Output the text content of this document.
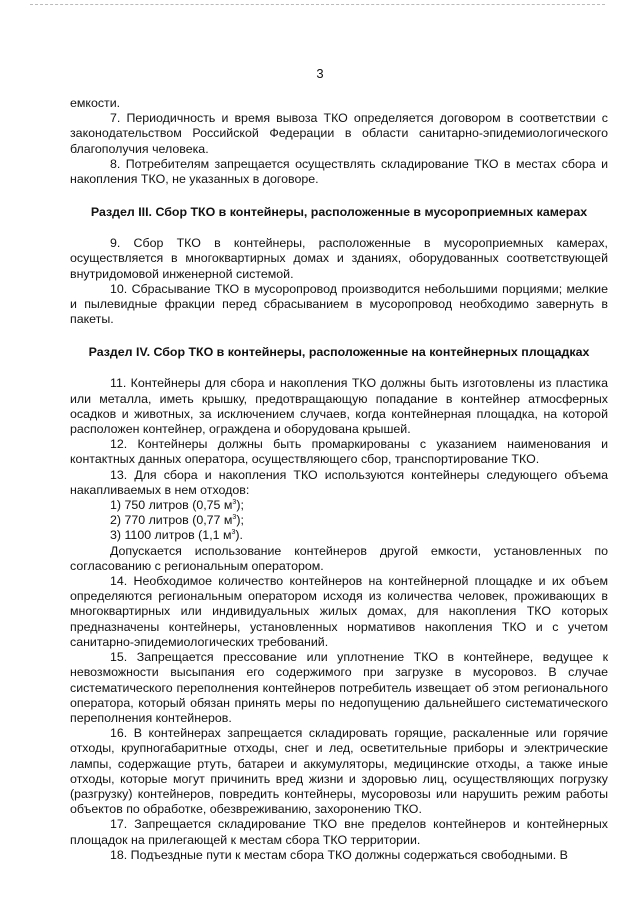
3

емкости.

7. Периодичность и время вывоза ТКО определяется договором в соответствии с законодательством Российской Федерации в области санитарно-эпидемиологического благополучия человека.

8. Потребителям запрещается осуществлять складирование ТКО в местах сбора и накопления ТКО, не указанных в договоре.

Раздел III. Сбор ТКО в контейнеры, расположенные в мусороприемных камерах

9. Сбор ТКО в контейнеры, расположенные в мусороприемных камерах, осуществляется в многоквартирных домах и зданиях, оборудованных соответствующей внутридомовой инженерной системой.

10. Сбрасывание ТКО в мусоропровод производится небольшими порциями; мелкие и пылевидные фракции перед сбрасыванием в мусоропровод необходимо завернуть в пакеты.

Раздел IV. Сбор ТКО в контейнеры, расположенные на контейнерных площадках

11. Контейнеры для сбора и накопления ТКО должны быть изготовлены из пластика или металла, иметь крышку, предотвращающую попадание в контейнер атмосферных осадков и животных, за исключением случаев, когда контейнерная площадка, на которой расположен контейнер, ограждена и оборудована крышей.

12. Контейнеры должны быть промаркированы с указанием наименования и контактных данных оператора, осуществляющего сбор, транспортирование ТКО.

13. Для сбора и накопления ТКО используются контейнеры следующего объема накапливаемых в нем отходов:

1) 750 литров (0,75 $м^3$);

2) 770 литров (0,77 $м^3$);

3) 1100 литров (1,1 $м^3$).

Допускается использование контейнеров другой емкости, установленных по согласованию с региональным оператором.

14. Необходимое количество контейнеров на контейнерной площадке и их объем определяются региональным оператором исходя из количества человек, проживающих в многоквартирных или индивидуальных жилых домах, для накопления ТКО которых предназначены контейнеры, установленных нормативов накопления ТКО и с учетом санитарно-эпидемиологических требований.

15. Запрещается прессование или уплотнение ТКО в контейнере, ведущее к невозможности высыпания его содержимого при загрузке в мусоровоз. В случае систематического переполнения контейнеров потребитель извещает об этом регионального оператора, который обязан принять меры по недопущению дальнейшего систематического переполнения контейнеров.

16. В контейнерах запрещается складировать горящие, раскаленные или горячие отходы, крупногабаритные отходы, снег и лед, осветительные приборы и электрические лампы, содержащие ртуть, батареи и аккумуляторы, медицинские отходы, а также иные отходы, которые могут причинить вред жизни и здоровью лиц, осуществляющих погрузку (разгрузку) контейнеров, повредить контейнеры, мусоровозы или нарушить режим работы объектов по обработке, обезвреживанию, захоронению ТКО.

17. Запрещается складирование ТКО вне пределов контейнеров и контейнерных площадок на прилегающей к местам сбора ТКО территории.

18. Подъездные пути к местам сбора ТКО должны содержаться свободными. В
